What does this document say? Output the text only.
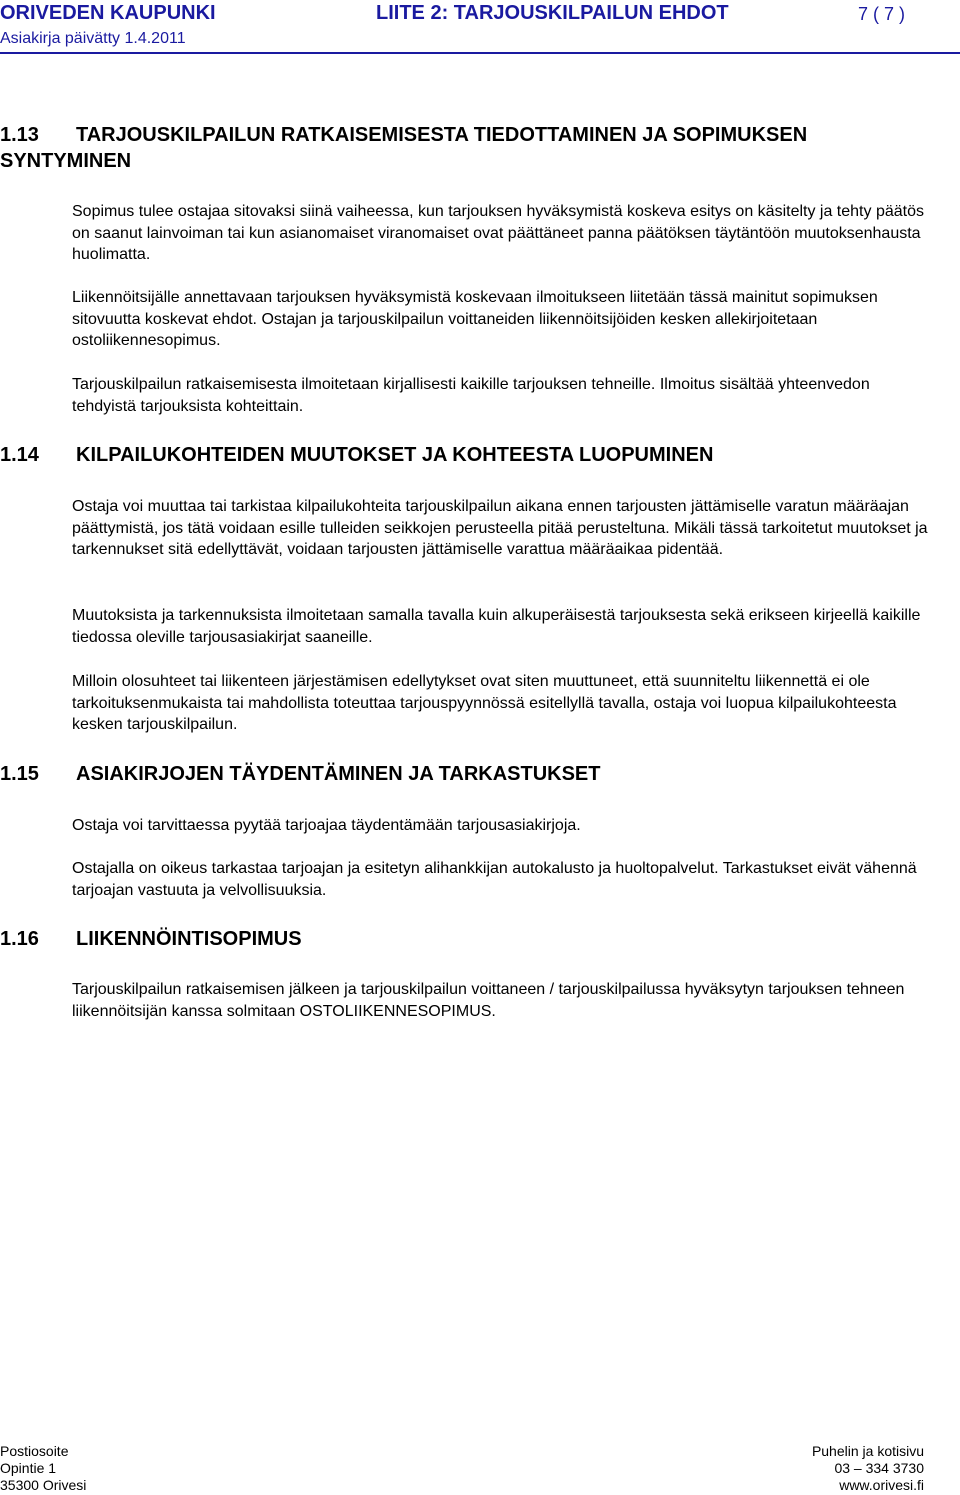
ORIVEDEN KAUPUNKI	LIITE 2: TARJOUSKILPAILUN EHDOT	7 ( 7 )
Asiakirja päivätty 1.4.2011
1.13 TARJOUSKILPAILUN RATKAISEMISESTA TIEDOTTAMINEN JA SOPIMUKSEN
SYNTYMINEN
Sopimus tulee ostajaa sitovaksi siinä vaiheessa, kun tarjouksen hyväksymistä koskeva esitys on käsitelty ja tehty päätös on saanut lainvoiman tai kun asianomaiset viranomaiset ovat päättäneet panna päätöksen täytäntöön muutoksenhausta huolimatta.
Liikennöitsijälle annettavaan tarjouksen hyväksymistä koskevaan ilmoitukseen liitetään tässä mainitut sopimuksen sitovuutta koskevat ehdot. Ostajan ja tarjouskilpailun voittaneiden liikennöitsijöiden kesken allekirjoitetaan ostoliikennesopimus.
Tarjouskilpailun ratkaisemisesta ilmoitetaan kirjallisesti kaikille tarjouksen tehneille. Ilmoitus sisältää yhteenvedon tehdyistä tarjouksista kohteittain.
1.14 KILPAILUKOHTEIDEN MUUTOKSET JA KOHTEESTA LUOPUMINEN
Ostaja voi muuttaa tai tarkistaa kilpailukohteita tarjouskilpailun aikana ennen tarjousten jättämiselle varatun määräajan päättymistä, jos tätä voidaan esille tulleiden seikkojen perusteella pitää perusteltuna. Mikäli tässä tarkoitetut muutokset ja tarkennukset sitä edellyttävät, voidaan tarjousten jättämiselle varattua määräaikaa pidentää.
Muutoksista ja tarkennuksista ilmoitetaan samalla tavalla kuin alkuperäisestä tarjouksesta sekä erikseen kirjeellä kaikille tiedossa oleville tarjousasiakirjat saaneille.
Milloin olosuhteet tai liikenteen järjestämisen edellytykset ovat siten muuttuneet, että suunniteltu liikennettä ei ole tarkoituksenmukaista tai mahdollista toteuttaa tarjouspyynnössä esitellyllä tavalla, ostaja voi luopua kilpailukohteesta kesken tarjouskilpailun.
1.15 ASIAKIRJOJEN TÄYDENTÄMINEN JA TARKASTUKSET
Ostaja voi tarvittaessa pyytää tarjoajaa täydentämään tarjousasiakirjoja.
Ostajalla on oikeus tarkastaa tarjoajan ja esitetyn alihankkijan autokalusto ja huoltopalvelut. Tarkastukset eivät vähennä tarjoajan vastuuta ja velvollisuuksia.
1.16 LIIKENNÖINTISOPIMUS
Tarjouskilpailun ratkaisemisen jälkeen ja tarjouskilpailun voittaneen / tarjouskilpailussa hyväksytyn tarjouksen tehneen liikennöitsijän kanssa solmitaan OSTOLIIKENNESOPIMUS.
Postiosoite
Opintie 1
35300 Orivesi
Puhelin ja kotisivu
03 – 334 3730
www.orivesi.fi
